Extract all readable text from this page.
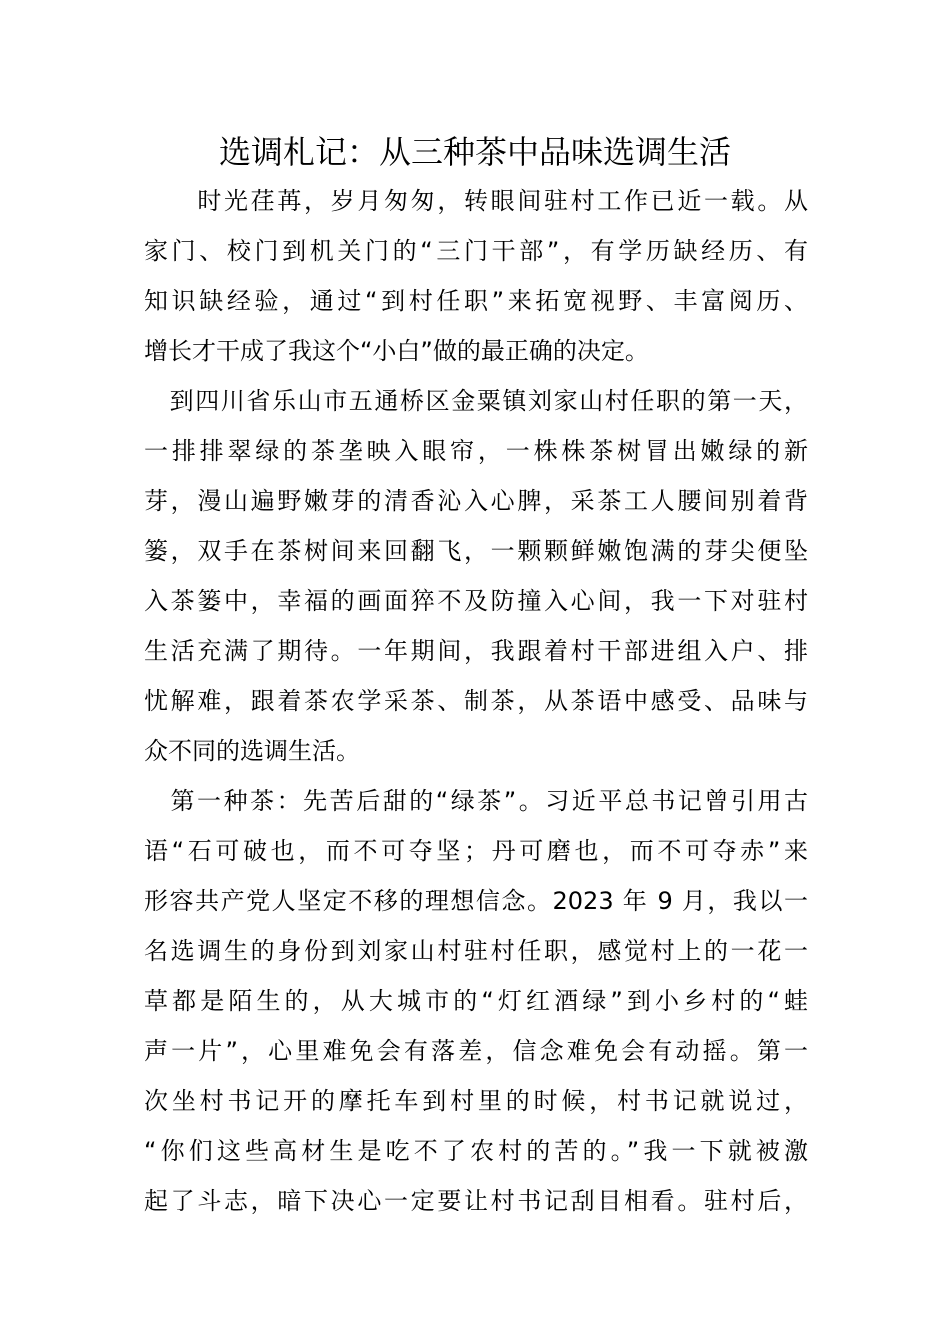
选调札记：从三种茶中品味选调生活
　　时光荏苒，岁月匆匆，转眼间驻村工作已近一载。从
家门、校门到机关门的“三门干部”，有学历缺经历、有
知识缺经验，通过“到村任职”来拓宽视野、丰富阅历、
增长才干成了我这个“小白”做的最正确的决定。
　到四川省乐山市五通桥区金粟镇刘家山村任职的第一天，
一排排翠绿的茶垄映入眼帘，一株株茶树冒出嫩绿的新
芽，漫山遍野嫩芽的清香沁入心脾，采茶工人腰间别着背
篓，双手在茶树间来回翻飞，一颗颗鲜嫩饱满的芽尖便坠
入茶篓中，幸福的画面猝不及防撞入心间，我一下对驻村
生活充满了期待。一年期间，我跟着村干部进组入户、排
忧解难，跟着茶农学采茶、制茶，从茶语中感受、品味与
众不同的选调生活。
　第一种茶：先苦后甜的“绿茶”。习近平总书记曾引用古
语“石可破也，而不可夺坚；丹可磨也，而不可夺赤”来
形容共产党人坚定不移的理想信念。2023 年 9 月，我以一
名选调生的身份到刘家山村驻村任职，感觉村上的一花一
草都是陌生的，从大城市的“灯红酒绿”到小乡村的“蛙
声一片”，心里难免会有落差，信念难免会有动摇。第一
次坐村书记开的摩托车到村里的时候，村书记就说过，
“你们这些高材生是吃不了农村的苦的。”我一下就被激
起了斗志，暗下决心一定要让村书记刮目相看。驻村后，
